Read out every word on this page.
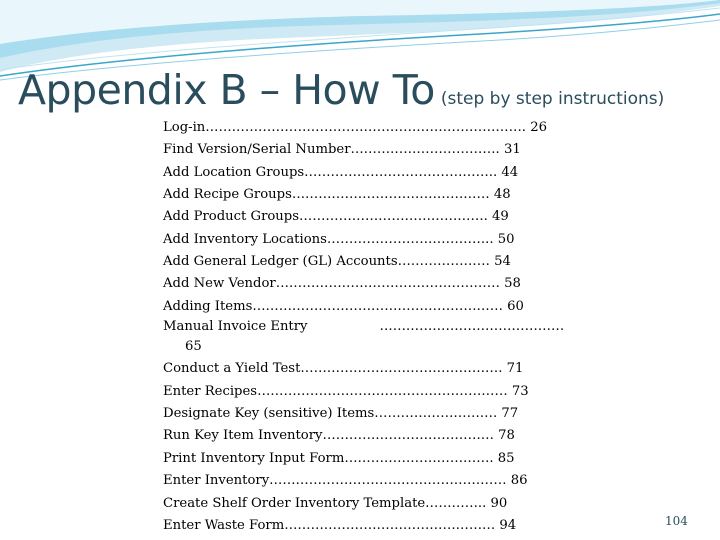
Appendix B – How To (step by step instructions)
Log-in………………………………………………………………. 26
Find Version/Serial Number……………………………. 31
Add Location Groups…………………………………….. 44
Add Recipe Groups……………………………………… 48
Add Product Groups……………………………………. 49
Add Inventory Locations……………………………….. 50
Add General Ledger (GL) Accounts………………… 54
Add New Vendor…………………………………………… 58
Adding Items………………………………………………… 60
Manual Invoice Entry	……………………………………
65
Conduct a Yield Test………………………………………. 71
Enter Recipes………………………………………………… 73
Designate Key (sensitive) Items………………………. 77
Run Key Item Inventory………………………………… 78
Print Inventory Input Form……………………………. 85
Enter Inventory……………………………………………… 86
Create Shelf Order Inventory Template………….. 90
Enter Waste Form………………………………………… 94	104
